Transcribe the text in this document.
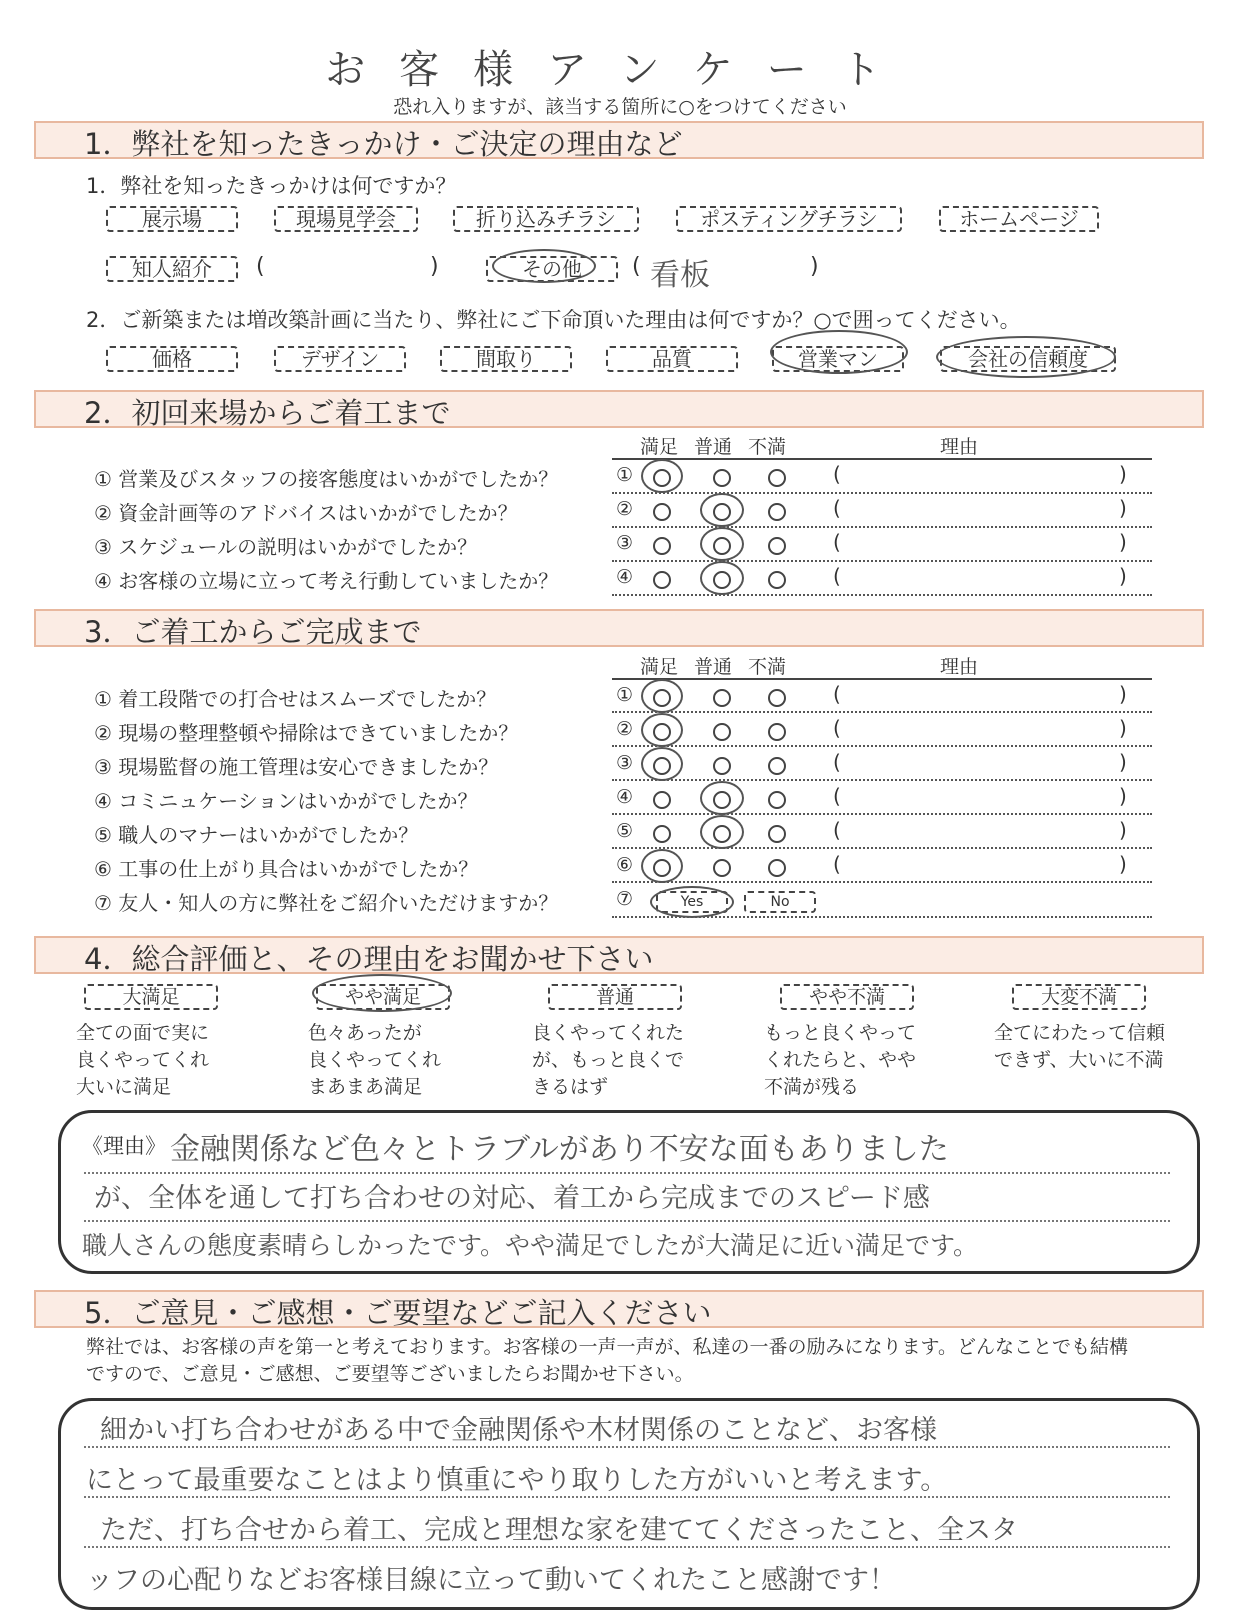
お客様アンケート
恐れ入りますが、該当する箇所に○をつけてください
1．弊社を知ったきっかけ・ご決定の理由など
1．弊社を知ったきっかけは何ですか？
展示場	現場見学会	折り込みチラシ	ポスティングチラシ	ホームページ
知人紹介	(	)	その他	( 看板	)
2．ご新築または増改築計画に当たり、弊社にご下命頂いた理由は何ですか？○で囲ってください。
価格	デザイン	間取り	品質	営業マン	会社の信頼度
2．初回来場からご着工まで
満足 普通 不満	理由
① 営業及びスタッフの接客態度はいかがでしたか？	①	(	)
② 資金計画等のアドバイスはいかがでしたか？	②	(	)
③ スケジュールの説明はいかがでしたか？	③	(	)
④ お客様の立場に立って考え行動していましたか？	④	(	)
3．ご着工からご完成まで
満足 普通 不満	理由
① 着工段階での打合せはスムーズでしたか？	①	(	)
② 現場の整理整頓や掃除はできていましたか？	②	(	)
③ 現場監督の施工管理は安心できましたか？	③	(	)
④ コミニュケーションはいかがでしたか？	④	(	)
⑤ 職人のマナーはいかがでしたか？	⑤	(	)
⑥ 工事の仕上がり具合はいかがでしたか？	⑥	(	)
⑦ 友人・知人の方に弊社をご紹介いただけますか？	⑦	Yes	No
4．総合評価と、その理由をお聞かせ下さい
大満足	やや満足	普通	やや不満	大変不満
全ての面で実に
良くやってくれ
大いに満足
色々あったが
良くやってくれ
まあまあ満足
良くやってくれた
が、もっと良くで
きるはず
もっと良くやって
くれたらと、やや
不満が残る
全てにわたって信頼
できず、大いに不満
《理由》 金融関係など色々とトラブルがあり不安な面もありました
が、全体を通して打ち合わせの対応、着工から完成までのスピード感
職人さんの態度素晴らしかったです。やや満足でしたが大満足に近い満足です。
5．ご意見・ご感想・ご要望などご記入ください
弊社では、お客様の声を第一と考えております。お客様の一声一声が、私達の一番の励みになります。どんなことでも結構ですので、ご意見・ご感想、ご要望等ございましたらお聞かせ下さい。
細かい打ち合わせがある中で金融関係や木材関係のことなど、お客様
にとって最重要なことはより慎重にやり取りした方がいいと考えます。
ただ、打ち合せから着工、完成と理想な家を建ててくださったこと、全スタ
ッフの心配りなどお客様目線に立って動いてくれたこと感謝です！
